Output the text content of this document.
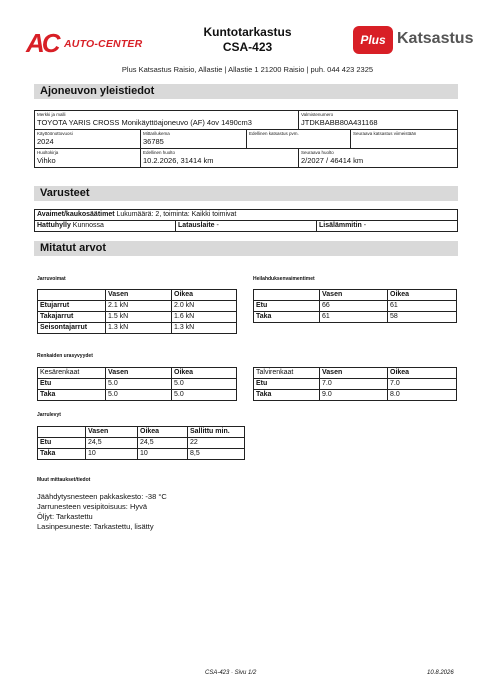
AC AUTO-CENTER
Kuntotarkastus
CSA-423	Plus Katsastus
Plus Katsastus Raisio, Allastie | Allastie 1 21200 Raisio | puh. 044 423 2325
Ajoneuvon yleistiedot
Merkki ja malli
TOYOTA YARIS CROSS Monikäyttöajoneuvo (AF) 4ov 1490cm3
Valmistenumero
JTDKBABB80A431168
Käyttöönottovuosi
2024
Mittarilukema
36785
Edellinen katsastus pvm.	Seuraava katsastus viimeistään
Huoltokirja
Vihko
Edellinen huolto
10.2.2026, 31414 km
Seuraava huolto
2/2027 / 46414 km
Varusteet
Avaimet/kaukosäätimet Lukumäärä: 2, toiminta: Kaikki toimivat
Hattuhylly Kunnossa	Latauslaite -	Lisälämmitin -
Mitatut arvot
Jarruvoimat
	Vasen	Oikea
Etujarrut	2.1 kN	2.0 kN
Takajarrut	1.5 kN	1.6 kN
Seisontajarrut	1.3 kN	1.3 kN
Heilahduksenvaimentimet
	Vasen	Oikea
Etu	66	61
Taka	61	58
Renkaiden urasyvyydet
Kesärenkaat	Vasen	Oikea
Etu	5.0	5.0
Taka	5.0	5.0
Talvirenkaat	Vasen	Oikea
Etu	7.0	7.0
Taka	9.0	8.0
Jarrulevyt
	Vasen	Oikea	Sallittu min.
Etu	24,5	24,5	22
Taka	10	10	8,5
Muut mittaukset/tiedot
Jäähdytysnesteen pakkaskesto: -38 °C
Jarrunesteen vesipitoisuus: Hyvä
Öljyt: Tarkastettu
Lasinpesuneste: Tarkastettu, lisätty
CSA-423 · Sivu 1/2	10.8.2026
